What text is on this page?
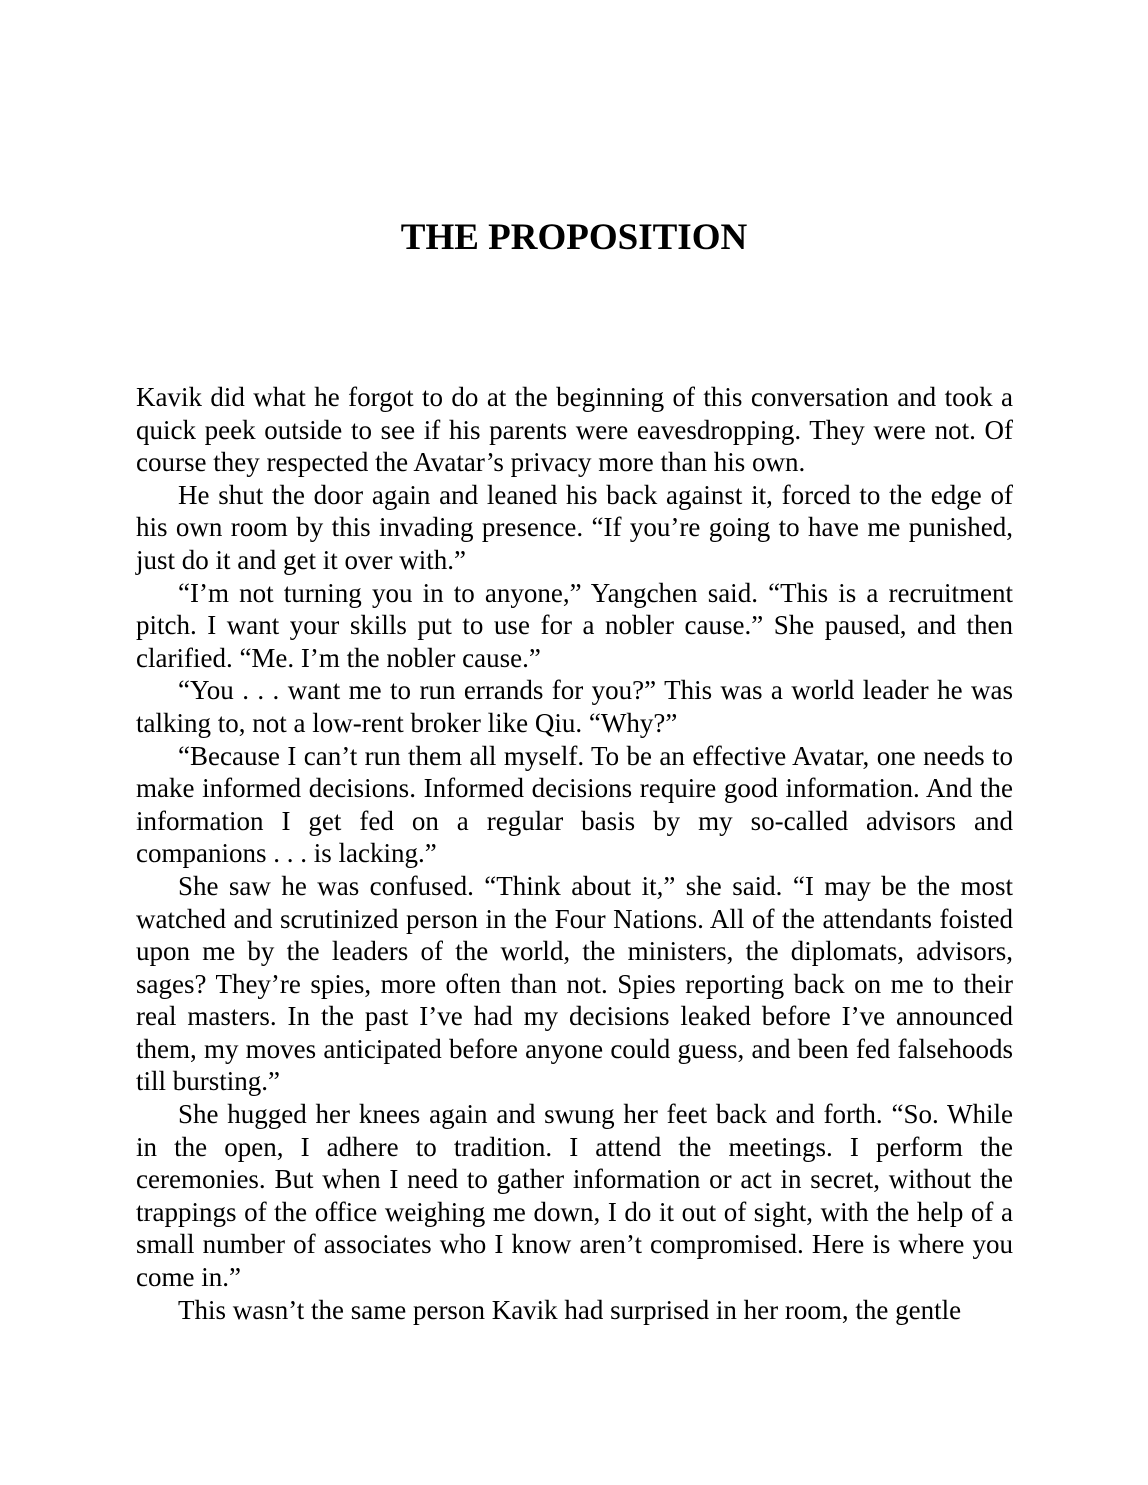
THE PROPOSITION

Kavik did what he forgot to do at the beginning of this conversation and took a quick peek outside to see if his parents were eavesdropping. They were not. Of course they respected the Avatar’s privacy more than his own.

He shut the door again and leaned his back against it, forced to the edge of his own room by this invading presence. “If you’re going to have me punished, just do it and get it over with.”

“I’m not turning you in to anyone,” Yangchen said. “This is a recruitment pitch. I want your skills put to use for a nobler cause.” She paused, and then clarified. “Me. I’m the nobler cause.”

“You . . . want me to run errands for you?” This was a world leader he was talking to, not a low-rent broker like Qiu. “Why?”

“Because I can’t run them all myself. To be an effective Avatar, one needs to make informed decisions. Informed decisions require good information. And the information I get fed on a regular basis by my so-called advisors and companions . . . is lacking.”

She saw he was confused. “Think about it,” she said. “I may be the most watched and scrutinized person in the Four Nations. All of the attendants foisted upon me by the leaders of the world, the ministers, the diplomats, advisors, sages? They’re spies, more often than not. Spies reporting back on me to their real masters. In the past I’ve had my decisions leaked before I’ve announced them, my moves anticipated before anyone could guess, and been fed falsehoods till bursting.”

She hugged her knees again and swung her feet back and forth. “So. While in the open, I adhere to tradition. I attend the meetings. I perform the ceremonies. But when I need to gather information or act in secret, without the trappings of the office weighing me down, I do it out of sight, with the help of a small number of associates who I know aren’t compromised. Here is where you come in.”

This wasn’t the same person Kavik had surprised in her room, the gentle
